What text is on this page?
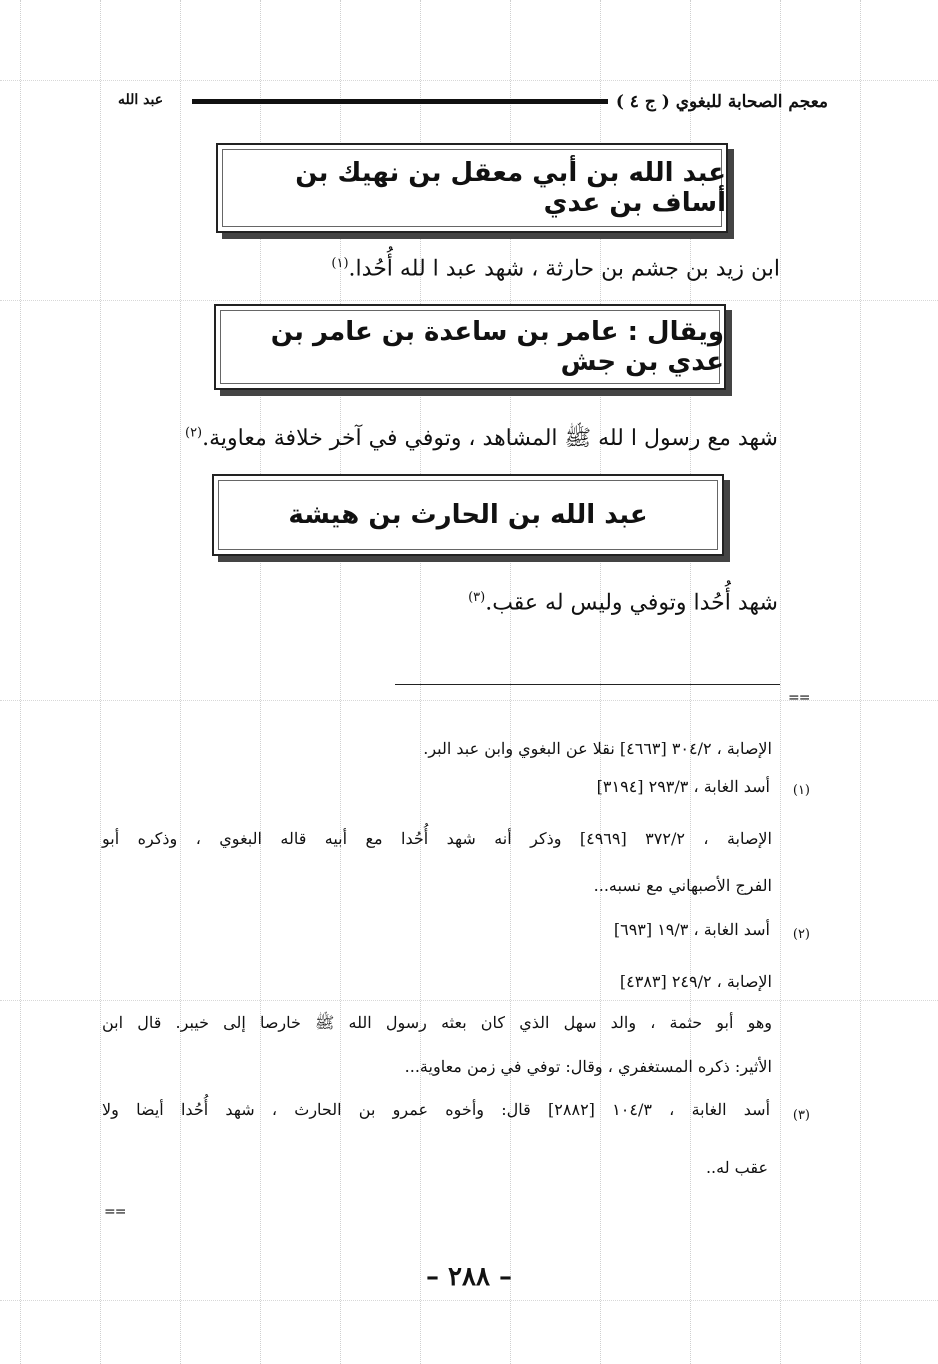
معجم الصحابة للبغوي ( ج ٤ )
عبد الله
عبد الله بن أبي معقل بن نهيك بن أساف بن عدي
ابن زيد بن جشم بن حارثة ، شهد عبد ا لله أُحُدا.$^{(١)}$
ويقال : عامر بن ساعدة بن عامر بن عدي بن جش
شهد مع رسول ا لله ﷺ المشاهد ، وتوفي في آخر خلافة معاوية.$^{(٢)}$
عبد الله بن الحارث بن هيشة
شهد أُحُدا وتوفي وليس له عقب.$^{(٣)}$
==
الإصابة ، ٣٠٤/٢ [٤٦٦٣] نقلا عن البغوي وابن عبد البر.
(١)
أسد الغابة ، ٢٩٣/٣ [٣١٩٤]
الإصابة ، ٣٧٢/٢ [٤٩٦٩] وذكر أنه شهد أُحُدا مع أبيه قاله البغوي ، وذكره أبو
الفرج الأصبهاني مع نسبه...
(٢)
أسد الغابة ، ١٩/٣ [٦٩٣]
الإصابة ، ٢٤٩/٢ [٤٣٨٣]
وهو أبو حثمة ، والد سهل الذي كان بعثه رسول الله ﷺ خارصا إلى خيبر. قال ابن
الأثير: ذكره المستغفري ، وقال: توفي في زمن معاوية...
(٣)
أسد الغابة ، ١٠٤/٣ [٢٨٨٢] قال: وأخوه عمرو بن الحارث ، شهد أُحُدا أيضا ولا
عقب له..
==
– ٢٨٨ –
